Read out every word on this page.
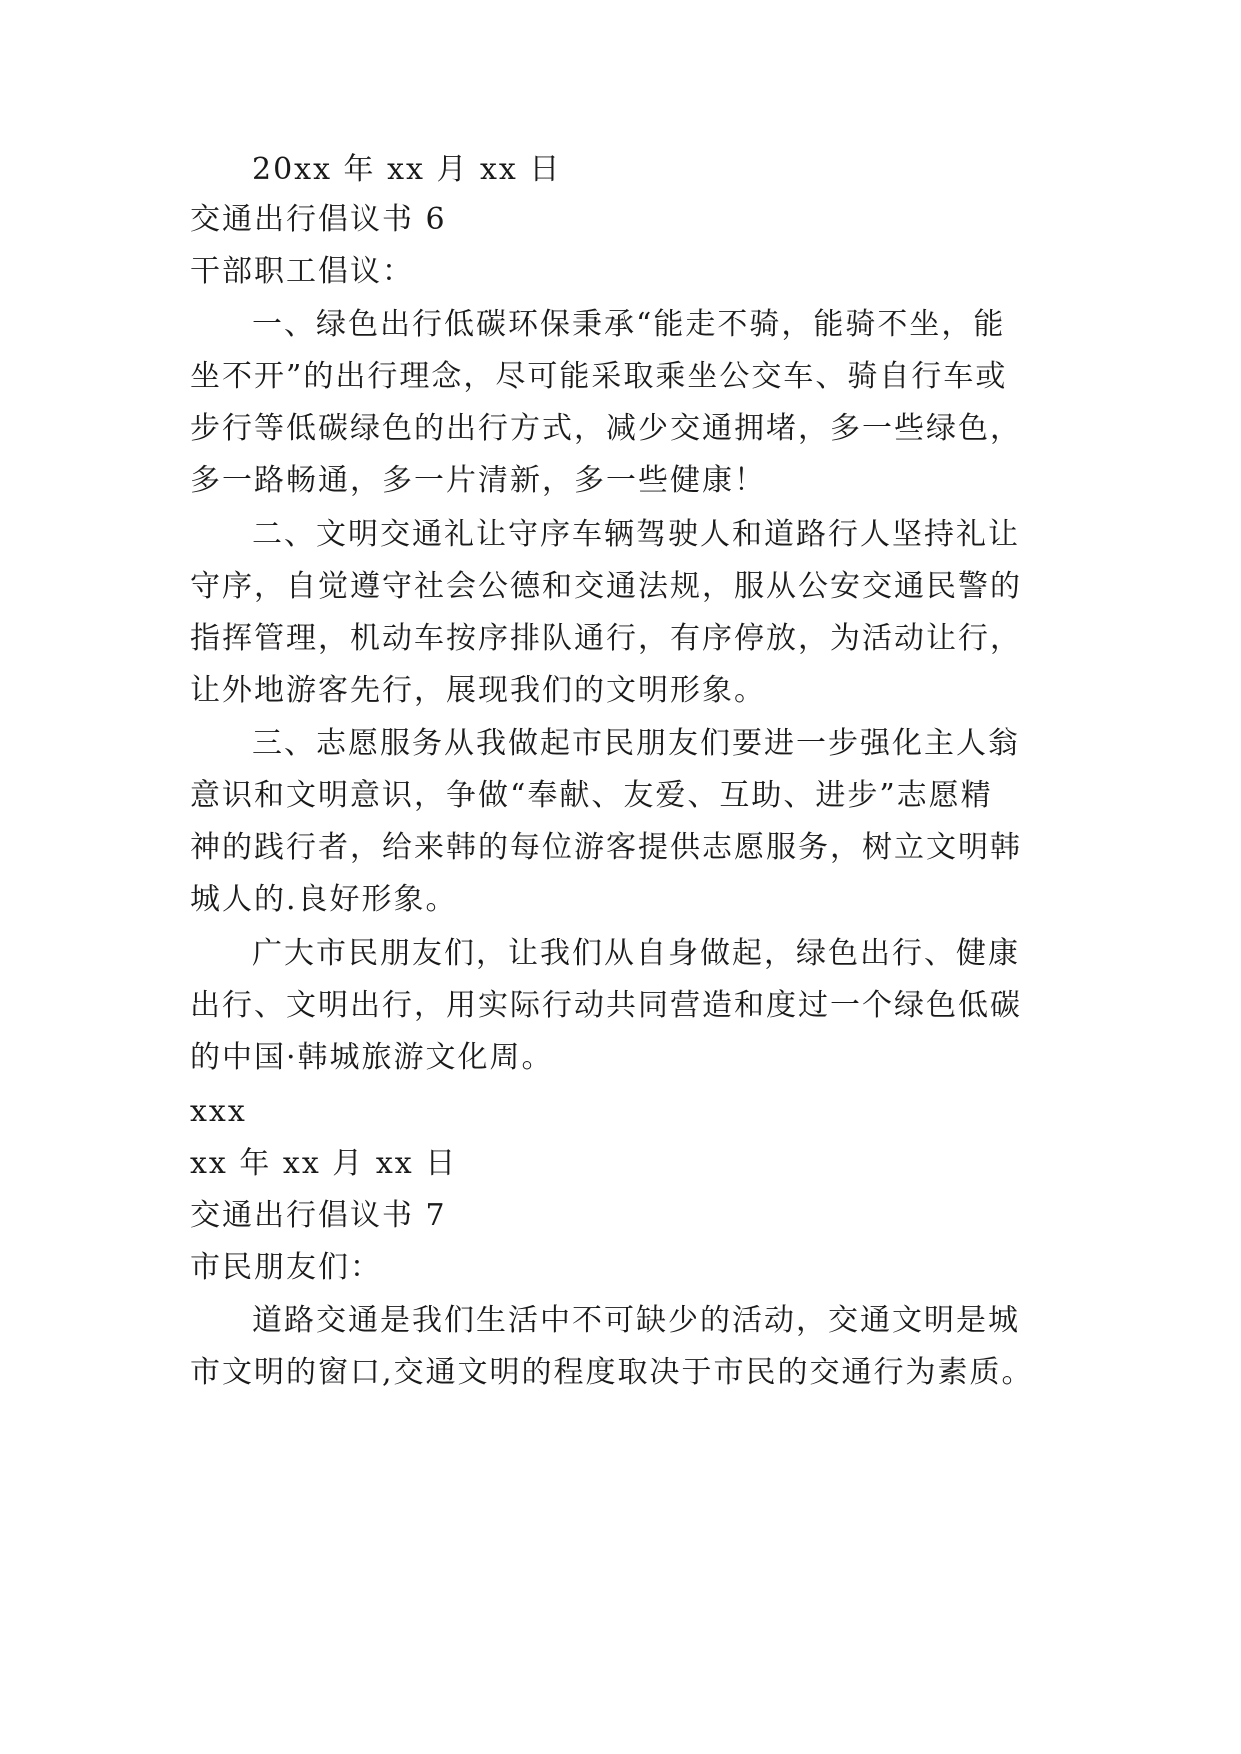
20xx 年 xx 月 xx 日

交通出行倡议书 6

干部职工倡议：

一、绿色出行低碳环保秉承“能走不骑，能骑不坐，能

坐不开”的出行理念，尽可能采取乘坐公交车、骑自行车或

步行等低碳绿色的出行方式，减少交通拥堵，多一些绿色，

多一路畅通，多一片清新，多一些健康！

二、文明交通礼让守序车辆驾驶人和道路行人坚持礼让

守序，自觉遵守社会公德和交通法规，服从公安交通民警的

指挥管理，机动车按序排队通行，有序停放，为活动让行，

让外地游客先行，展现我们的文明形象。

三、志愿服务从我做起市民朋友们要进一步强化主人翁

意识和文明意识，争做“奉献、友爱、互助、进步”志愿精

神的践行者，给来韩的每位游客提供志愿服务，树立文明韩

城人的.良好形象。

广大市民朋友们，让我们从自身做起，绿色出行、健康

出行、文明出行，用实际行动共同营造和度过一个绿色低碳

的中国·韩城旅游文化周。

xxx

xx 年 xx 月 xx 日

交通出行倡议书 7

市民朋友们：

道路交通是我们生活中不可缺少的活动，交通文明是城

市文明的窗口,交通文明的程度取决于市民的交通行为素质。
